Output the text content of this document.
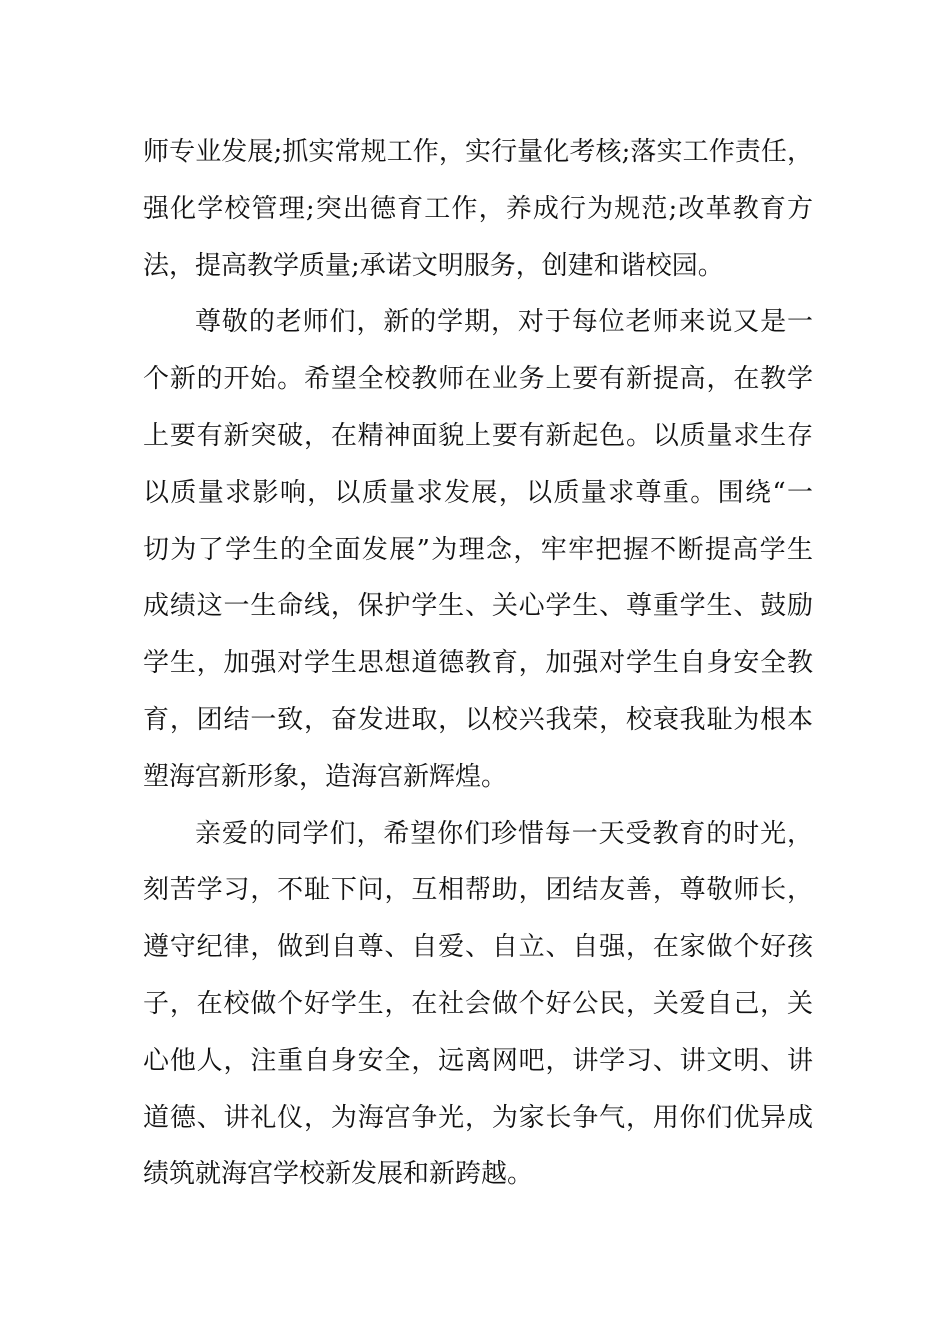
师专业发展;抓实常规工作，实行量化考核;落实工作责任，
强化学校管理;突出德育工作，养成行为规范;改革教育方
法，提高教学质量;承诺文明服务，创建和谐校园。
尊敬的老师们，新的学期，对于每位老师来说又是一
个新的开始。希望全校教师在业务上要有新提高，在教学
上要有新突破，在精神面貌上要有新起色。以质量求生存
以质量求影响，以质量求发展，以质量求尊重。围绕“一
切为了学生的全面发展”为理念，牢牢把握不断提高学生
成绩这一生命线，保护学生、关心学生、尊重学生、鼓励
学生，加强对学生思想道德教育，加强对学生自身安全教
育，团结一致，奋发进取，以校兴我荣，校衰我耻为根本
塑海宫新形象，造海宫新辉煌。
亲爱的同学们，希望你们珍惜每一天受教育的时光，
刻苦学习，不耻下问，互相帮助，团结友善，尊敬师长，
遵守纪律，做到自尊、自爱、自立、自强，在家做个好孩
子，在校做个好学生，在社会做个好公民，关爱自己，关
心他人，注重自身安全，远离网吧，讲学习、讲文明、讲
道德、讲礼仪，为海宫争光，为家长争气，用你们优异成
绩筑就海宫学校新发展和新跨越。
